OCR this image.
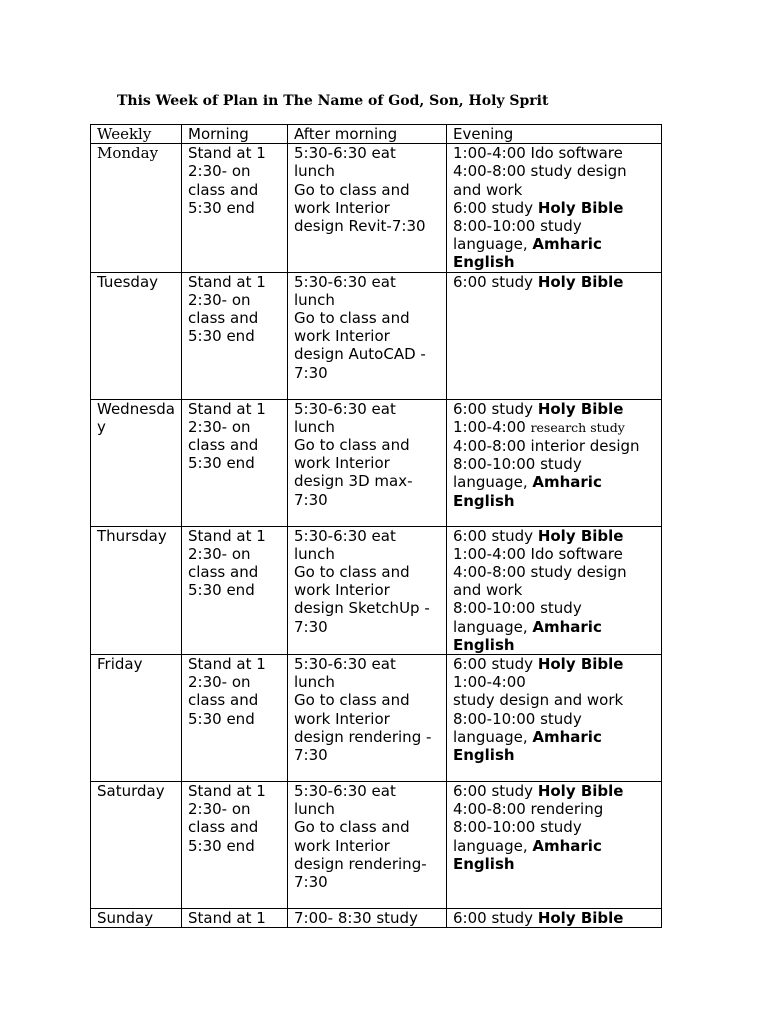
This Week of Plan in The Name of God, Son, Holy Sprit
Weekly	Morning	After morning	Evening
Monday	Stand at 1 2:30- on class and 5:30 end	5:30-6:30 eat lunch
Go to class and work Interior design Revit-7:30	1:00-4:00 Ido software
4:00-8:00 study design and work
6:00 study Holy Bible
8:00-10:00 study language, Amharic English

Tuesday	Stand at 1 2:30- on class and 5:30 end	5:30-6:30 eat lunch
Go to class and work Interior design AutoCAD - 7:30	6:00 study Holy Bible

Wednesday	Stand at 1 2:30- on class and 5:30 end	5:30-6:30 eat lunch
Go to class and work Interior design 3D max- 7:30	6:00 study Holy Bible
1:00-4:00 research study
4:00-8:00 interior design
8:00-10:00 study language, Amharic English

Thursday	Stand at 1 2:30- on class and 5:30 end	5:30-6:30 eat lunch
Go to class and work Interior design SketchUp - 7:30	6:00 study Holy Bible
1:00-4:00 Ido software
4:00-8:00 study design and work
8:00-10:00 study language, Amharic English

Friday	Stand at 1 2:30- on class and 5:30 end	5:30-6:30 eat lunch
Go to class and work Interior design rendering - 7:30	6:00 study Holy Bible
1:00-4:00
study design and work
8:00-10:00 study language, Amharic English

Saturday	Stand at 1 2:30- on class and 5:30 end	5:30-6:30 eat lunch
Go to class and work Interior design rendering- 7:30	6:00 study Holy Bible
4:00-8:00 rendering
8:00-10:00 study language, Amharic English

Sunday	Stand at 1	7:00- 8:30 study	6:00 study Holy Bible
